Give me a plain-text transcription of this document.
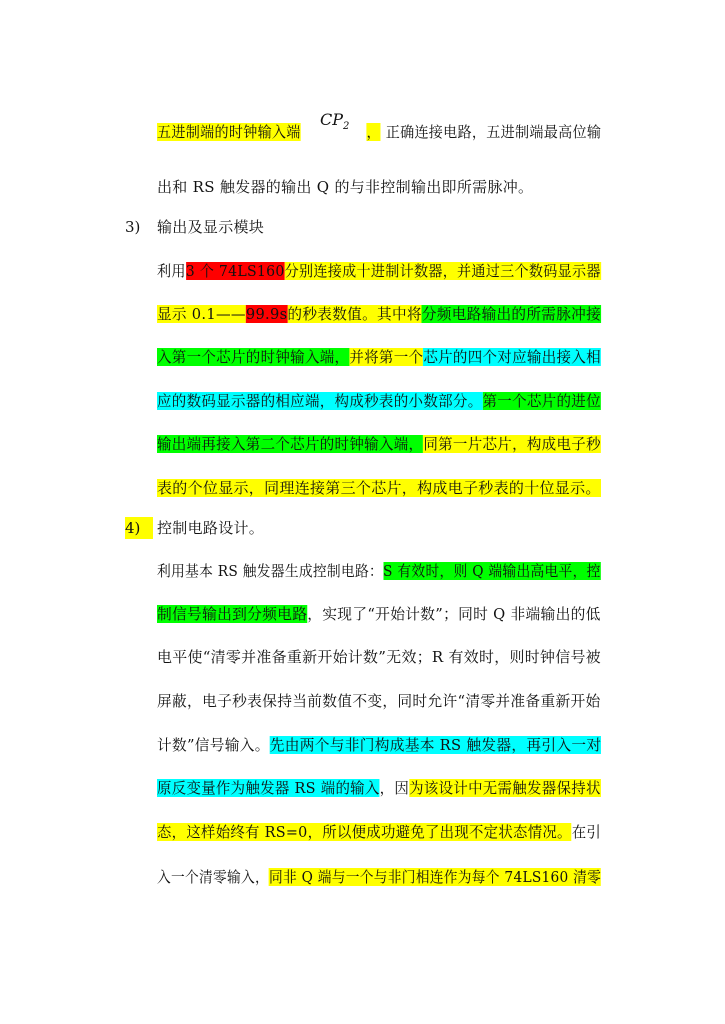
五进制端的时钟输入端	， 正确连接电路，五进制端最高位输
$CP_2$
出和 RS 触发器的输出 Q 的与非控制输出即所需脉冲。
3) 输出及显示模块
利用3 个 74LS160分别连接成十进制计数器，并通过三个数码显示器
显示 0.1——99.9s的秒表数值。其中将分频电路输出的所需脉冲接
入第一个芯片的时钟输入端，并将第一个芯片的四个对应输出接入相
应的数码显示器的相应端，构成秒表的小数部分。第一个芯片的进位
输出端再接入第二个芯片的时钟输入端，同第一片芯片，构成电子秒
表的个位显示，同理连接第三个芯片，构成电子秒表的十位显示。
4)	控制电路设计。
利用基本 RS 触发器生成控制电路：S 有效时，则 Q 端输出高电平，控
制信号输出到分频电路，实现了“开始计数”；同时 Q 非端输出的低
电平使“清零并准备重新开始计数”无效；R 有效时，则时钟信号被
屏蔽，电子秒表保持当前数值不变，同时允许“清零并准备重新开始
计数”信号输入。先由两个与非门构成基本 RS 触发器，再引入一对
原反变量作为触发器 RS 端的输入，因为该设计中无需触发器保持状
态，这样始终有 RS=0，所以便成功避免了出现不定状态情况。在引
入一个清零输入，同非 Q 端与一个与非门相连作为每个 74LS160 清零
